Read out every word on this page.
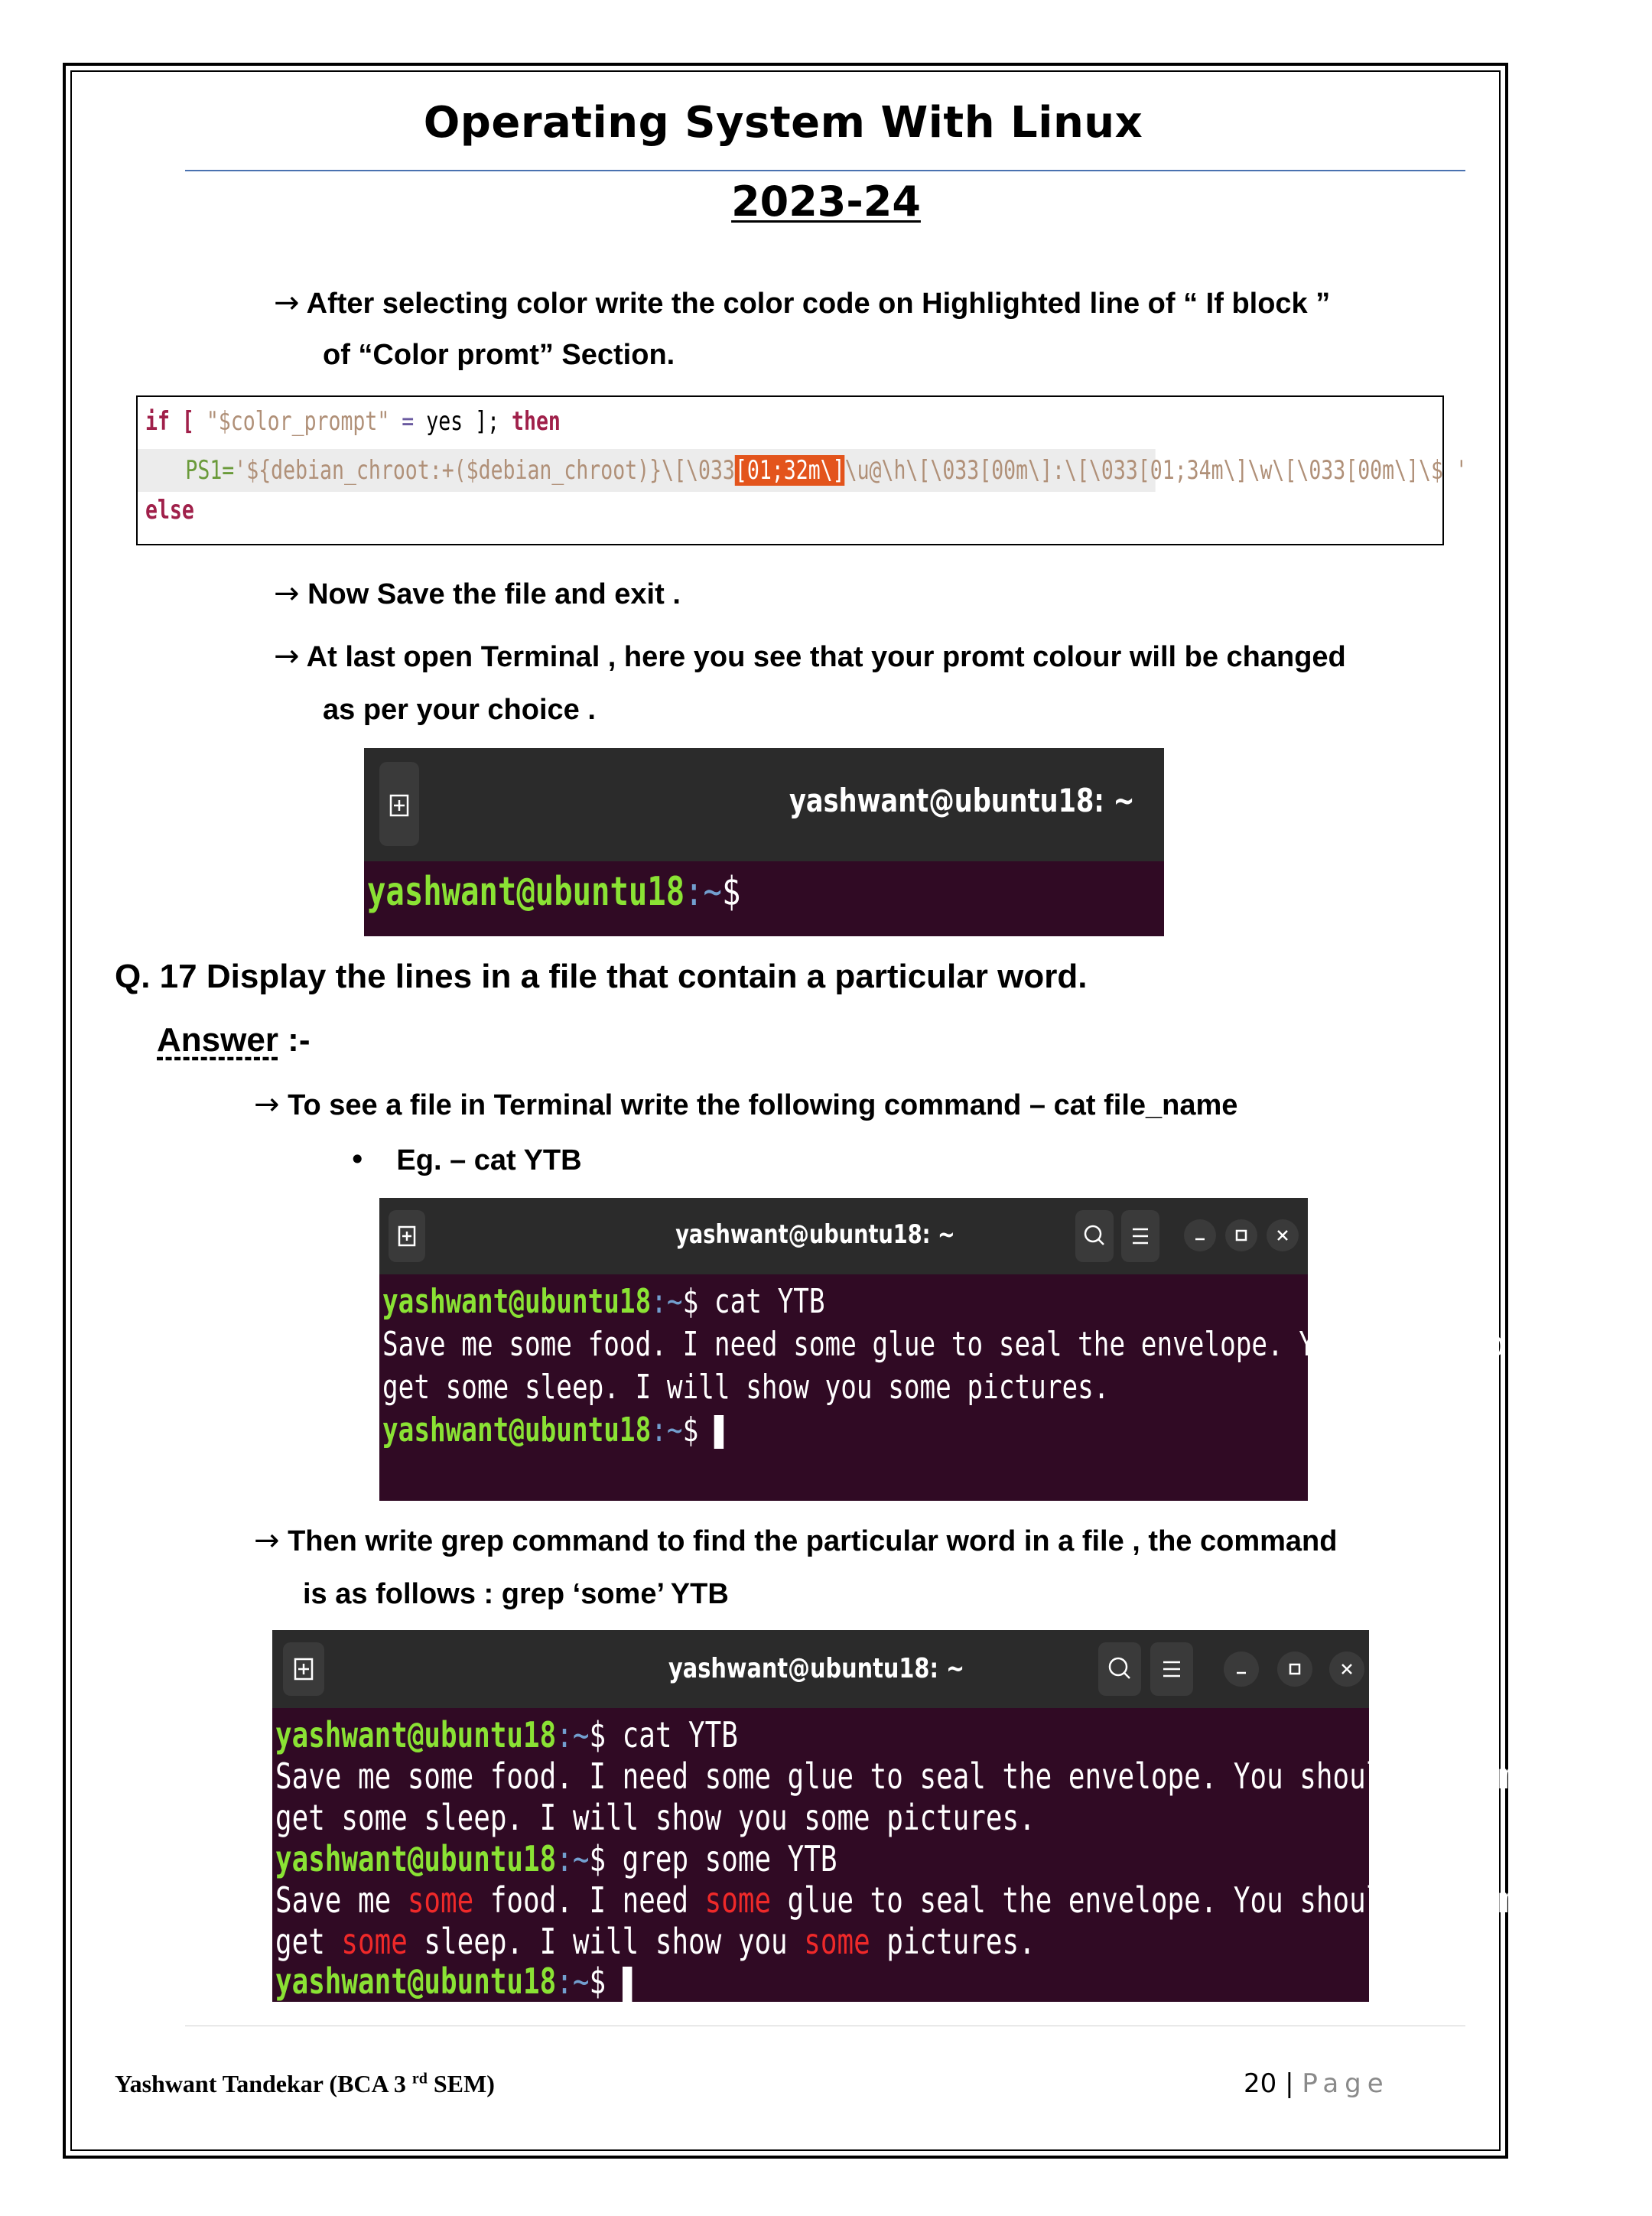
Operating System With Linux
2023-24
→ After selecting color write the color code on Highlighted line of “ If block ”
of “Color promt” Section.
if [ "$color_prompt" = yes ]; then
PS1='${debian_chroot:+($debian_chroot)}\[\033[01;32m\]\u@\h\[\033[00m\]:\[\033[01;34m\]\w\[\033[00m\]\$ '
else
→ Now Save the file and exit .
→ At last open Terminal , here you see that your promt colour will be changed
as per your choice .
yashwant@ubuntu18: ~
yashwant@ubuntu18:~$
Q. 17 Display the lines in a file that contain a particular word.
Answer :-
→ To see a file in Terminal write the following command – cat file_name
• Eg. – cat YTB
yashwant@ubuntu18: ~
yashwant@ubuntu18:~$ cat YTB
Save me some food. I need some glue to seal the envelope. You should go home and
get some sleep. I will show you some pictures.
yashwant@ubuntu18:~$
→ Then write grep command to find the particular word in a file , the command
is as follows : grep ‘some’ YTB
yashwant@ubuntu18: ~
yashwant@ubuntu18:~$ cat YTB
Save me some food. I need some glue to seal the envelope. You should go home and
get some sleep. I will show you some pictures.
yashwant@ubuntu18:~$ grep some YTB
Save me some food. I need some glue to seal the envelope. You should go home and
get some sleep. I will show you some pictures.
yashwant@ubuntu18:~$
Yashwant Tandekar (BCA 3 $^{rd}$ SEM)	20 | Page
